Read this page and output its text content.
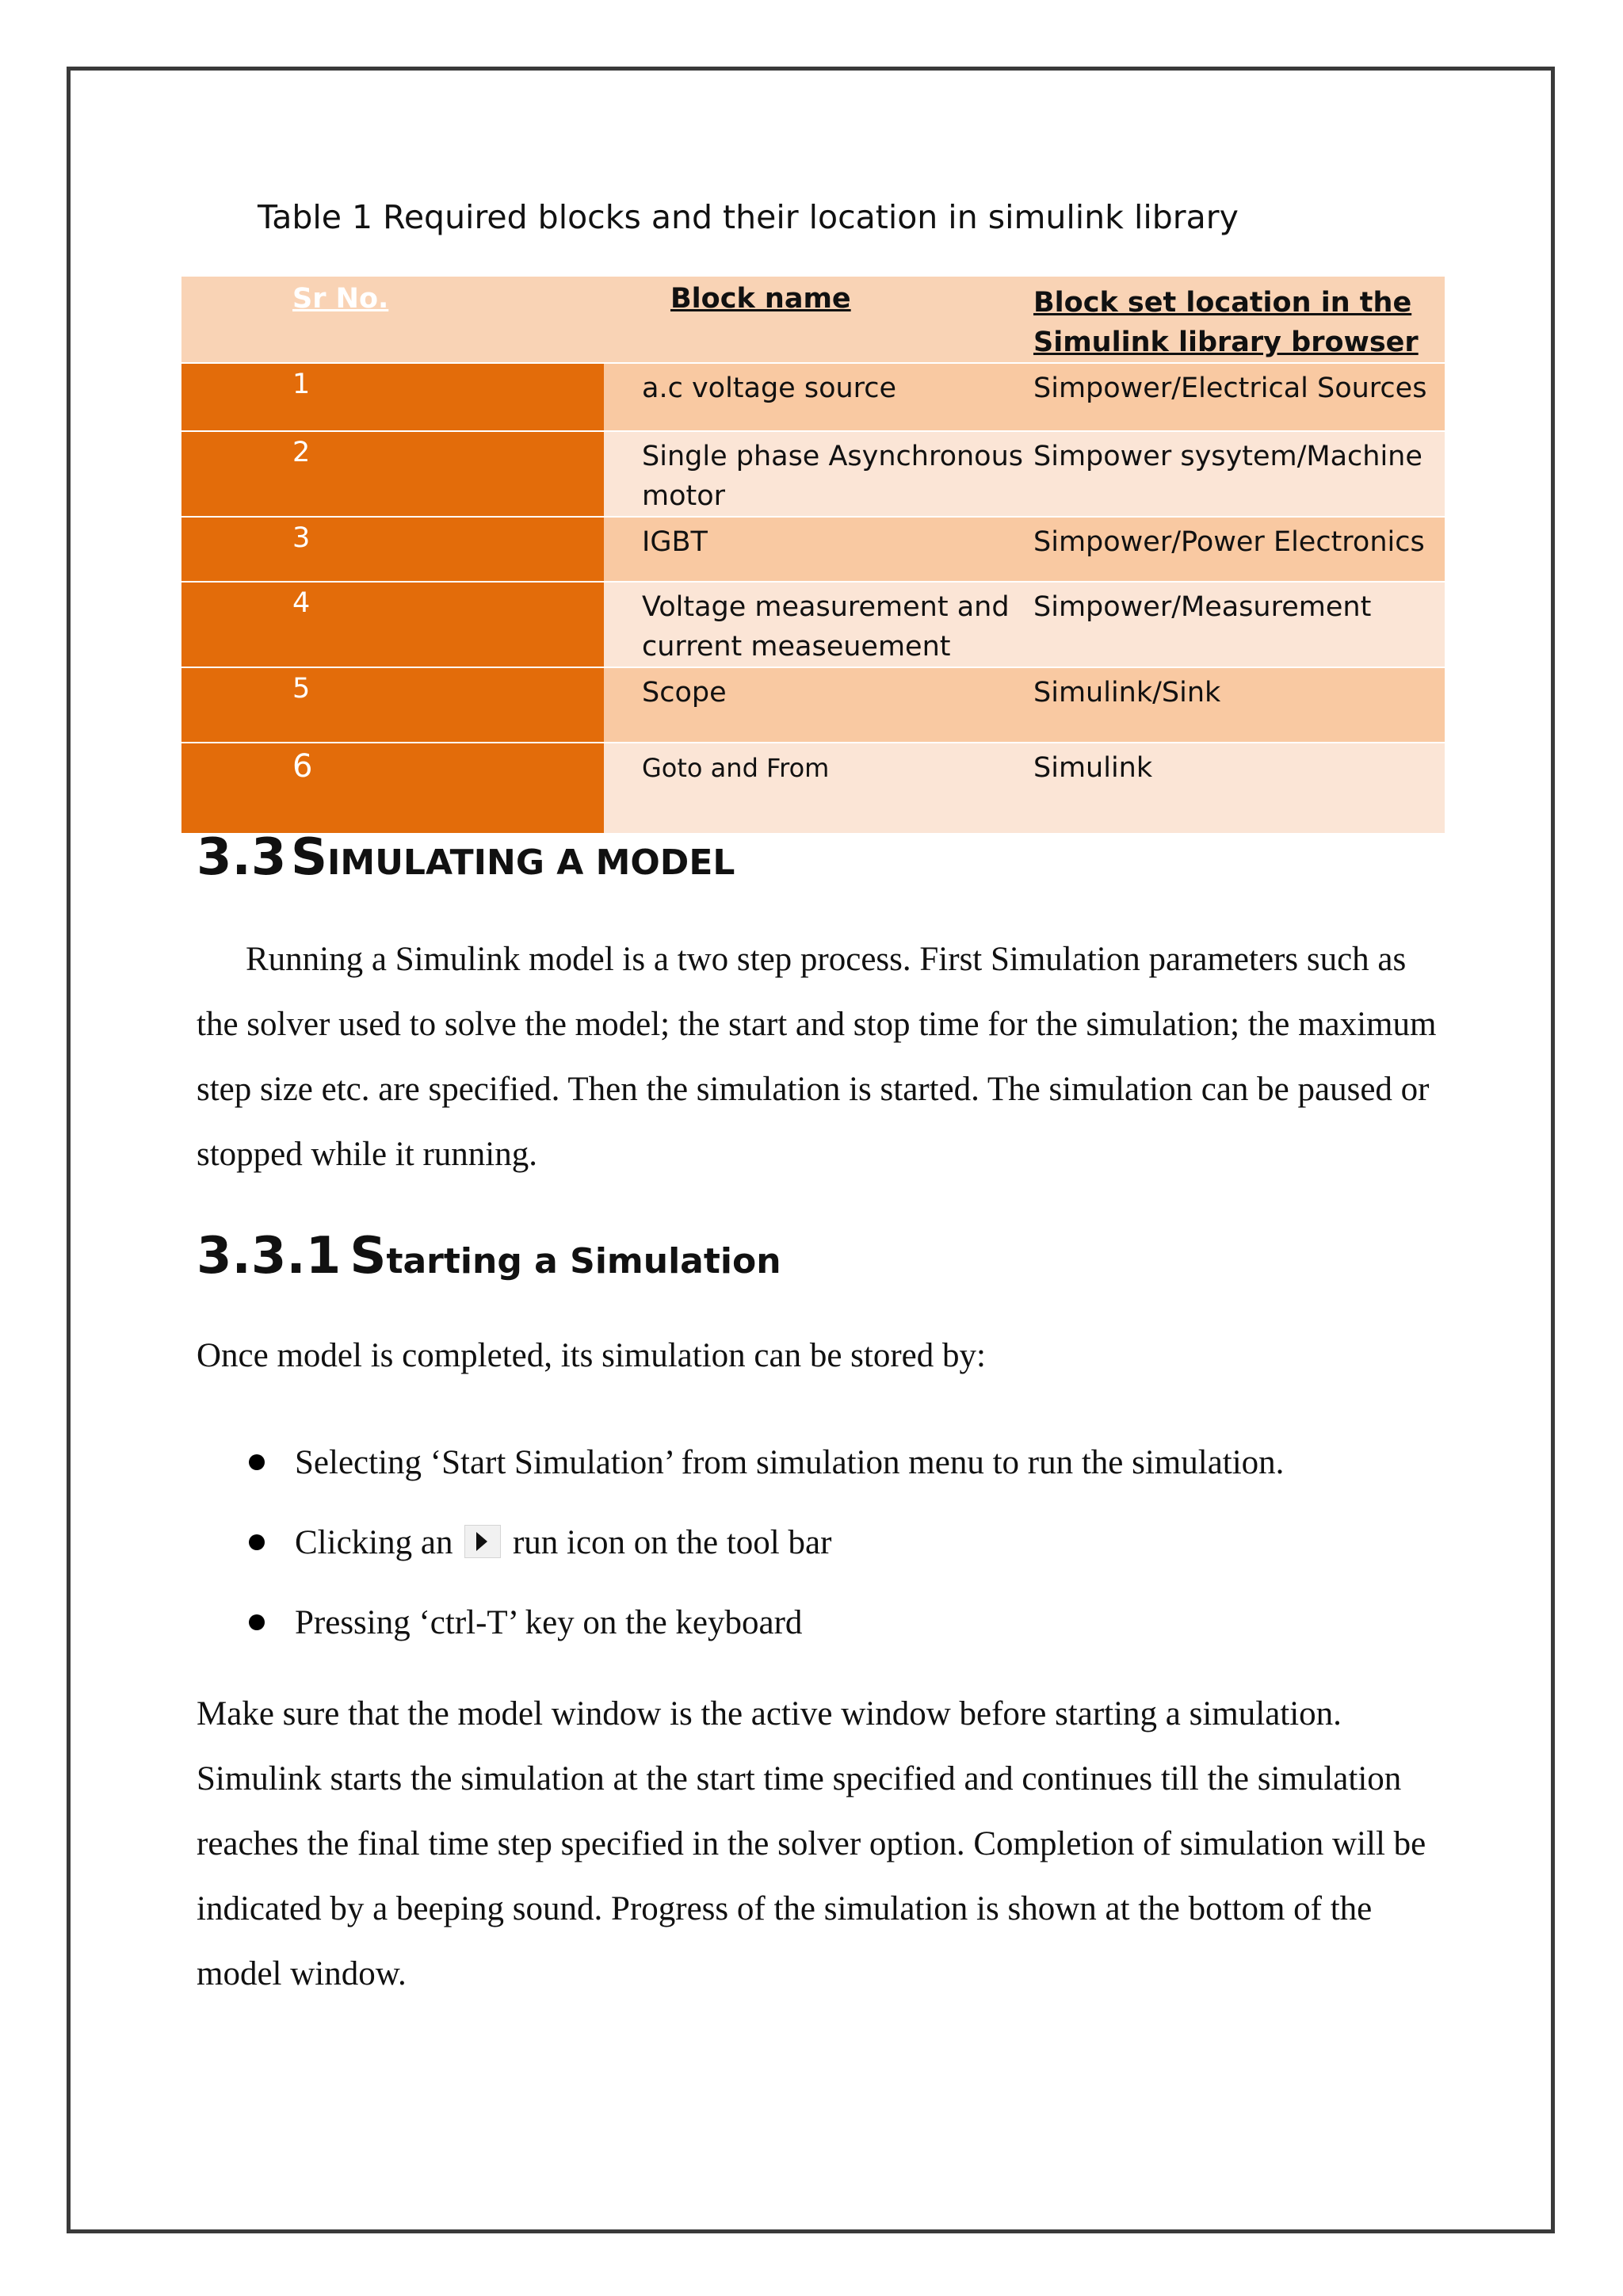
Table 1 Required blocks and their location in simulink library
Sr No.	Block name	Block set location in the Simulink library browser
1	a.c voltage source	Simpower/Electrical Sources
2	Single phase Asynchronous motor	Simpower sysytem/Machine
3	IGBT	Simpower/Power Electronics
4	Voltage measurement and current measeuement	Simpower/Measurement
5	Scope	Simulink/Sink
6	Goto and From	Simulink
3.3 SIMULATING A MODEL

Running a Simulink model is a two step process. First Simulation parameters such as the solver used to solve the model; the start and stop time for the simulation; the maximum step size etc. are specified. Then the simulation is started. The simulation can be paused or stopped while it running.

3.3.1 Starting a Simulation

Once model is completed, its simulation can be stored by:

Selecting ‘Start Simulation’ from simulation menu to run the simulation.
Clicking an run icon on the tool bar
Pressing ‘ctrl-T’ key on the keyboard

Make sure that the model window is the active window before starting a simulation. Simulink starts the simulation at the start time specified and continues till the simulation reaches the final time step specified in the solver option. Completion of simulation will be indicated by a beeping sound. Progress of the simulation is shown at the bottom of the model window.
